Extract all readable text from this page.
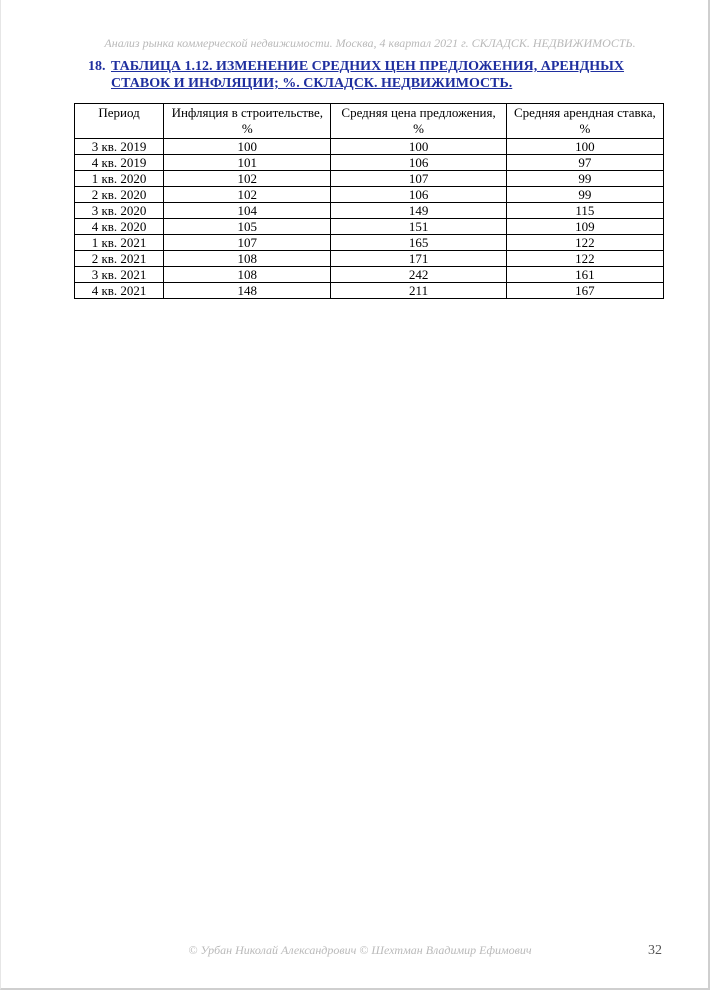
Анализ рынка коммерческой недвижимости. Москва, 4 квартал 2021 г. СКЛАДСК. НЕДВИЖИМОСТЬ.
18. ТАБЛИЦА 1.12. ИЗМЕНЕНИЕ СРЕДНИХ ЦЕН ПРЕДЛОЖЕНИЯ, АРЕНДНЫХ СТАВОК И ИНФЛЯЦИИ; %. СКЛАДСК. НЕДВИЖИМОСТЬ.
Период	Инфляция в строительстве, %	Средняя цена предложения, %	Средняя арендная ставка, %
3 кв. 2019	100	100	100
4 кв. 2019	101	106	97
1 кв. 2020	102	107	99
2 кв. 2020	102	106	99
3 кв. 2020	104	149	115
4 кв. 2020	105	151	109
1 кв. 2021	107	165	122
2 кв. 2021	108	171	122
3 кв. 2021	108	242	161
4 кв. 2021	148	211	167
© Урбан Николай Александрович © Шехтман Владимир Ефимович	32
